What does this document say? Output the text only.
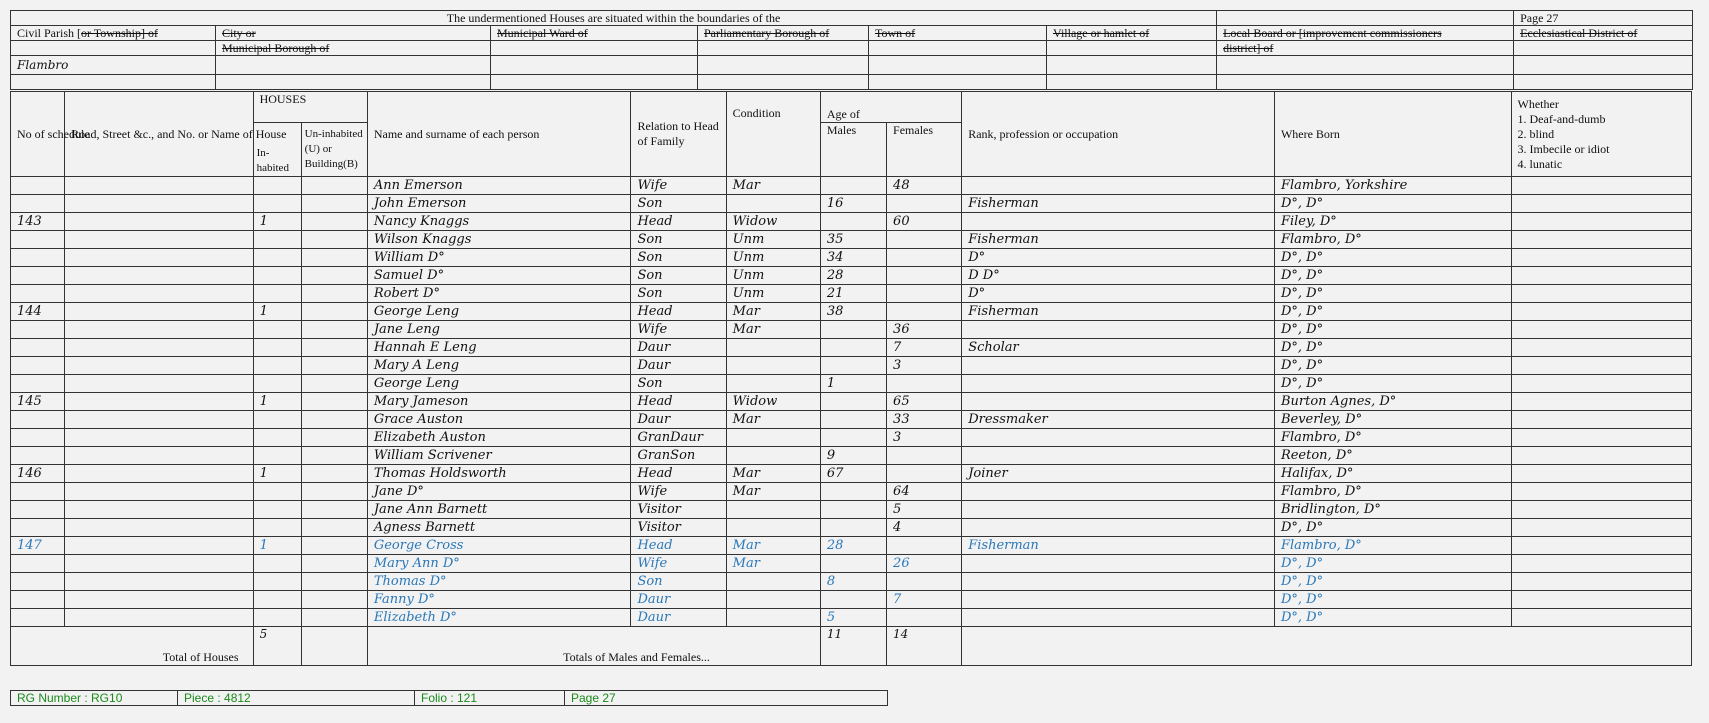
The undermentioned Houses are situated within the boundaries of the							Page 27
Civil Parish [or Township] of	City or	Municipal Ward of	Parliamentary Borough of	Town of	Village or hamlet of	Local Board or [improvement commissioners	Ecclesiastical District of
	Municipal Borough of					district] of	
Flambro							

No of schedule	Road, Street &c., and No. or Name of House	HOUSES		Name and surname of each person	Relation to Head of Family	Condition	Age of		Rank, profession or occupation	Where Born	Whether
1. Deaf-and-dumb
2. blind
3. Imbecile or idiot
4. lunatic

		In-habited	Un-inhabited (U) or Building(B)				Males	Females			
				Ann Emerson	Wife	Mar		48		Flambro, Yorkshire	
				John Emerson	Son		16		Fisherman	D°, D°	
143		1		Nancy Knaggs	Head	Widow		60		Filey, D°	
				Wilson Knaggs	Son	Unm	35		Fisherman	Flambro, D°	
				William D°	Son	Unm	34		D°	D°, D°	
				Samuel D°	Son	Unm	28		D D°	D°, D°	
				Robert D°	Son	Unm	21		D°	D°, D°	
144		1		George Leng	Head	Mar	38		Fisherman	D°, D°	
				Jane Leng	Wife	Mar		36		D°, D°	
				Hannah E Leng	Daur			7	Scholar	D°, D°	
				Mary A Leng	Daur			3		D°, D°	
				George Leng	Son		1			D°, D°	
145		1		Mary Jameson	Head	Widow		65		Burton Agnes, D°	
				Grace Auston	Daur	Mar		33	Dressmaker	Beverley, D°	
				Elizabeth Auston	GranDaur			3		Flambro, D°	
				William Scrivener	GranSon		9			Reeton, D°	
146		1		Thomas Holdsworth	Head	Mar	67		Joiner	Halifax, D°	
				Jane D°	Wife	Mar		64		Flambro, D°	
				Jane Ann Barnett	Visitor			5		Bridlington, D°	
				Agness Barnett	Visitor			4		D°, D°	
147		1		George Cross	Head	Mar	28		Fisherman	Flambro, D°	
				Mary Ann D°	Wife	Mar		26		D°, D°	
				Thomas D°	Son		8			D°, D°	
				Fanny D°	Daur			7		D°, D°	
				Elizabeth D°	Daur		5			D°, D°	
Total of Houses		5		Totals of Males and Females...			11	14			
RG Number : RG10	Piece : 4812	Folio : 121	Page 27
